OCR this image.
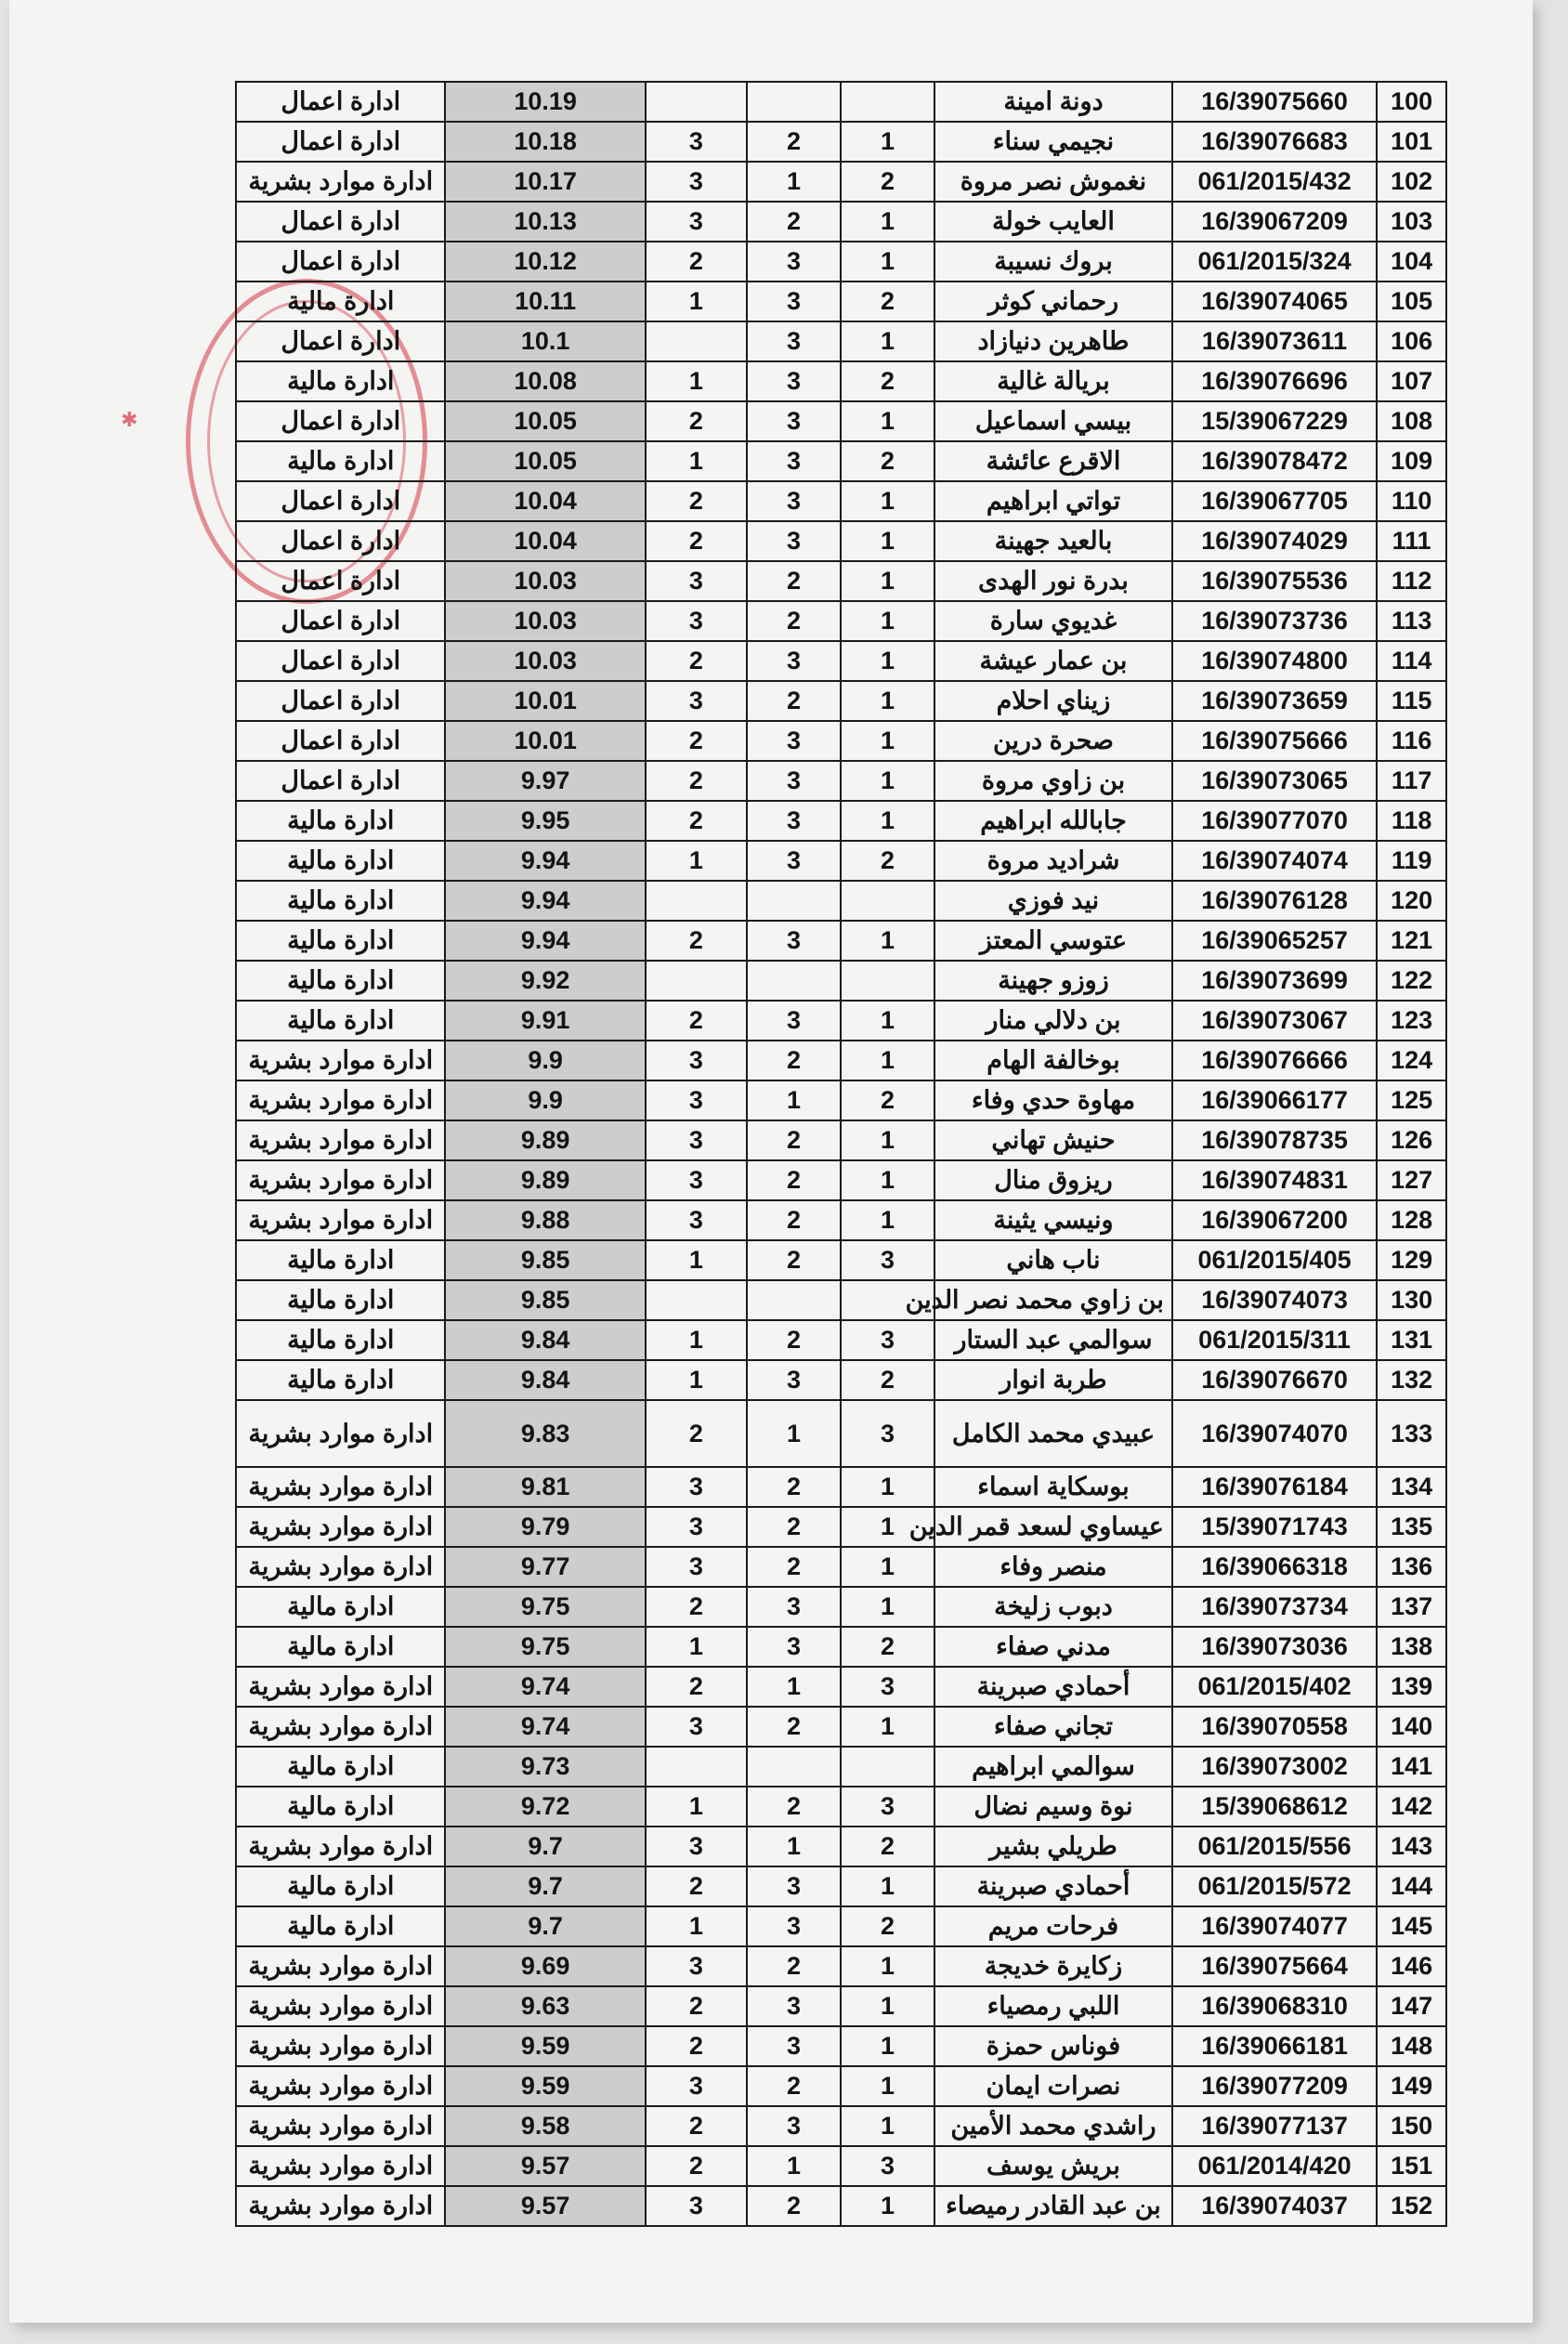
✱
100	16/39075660	دونة امينة				10.19	ادارة اعمال
101	16/39076683	نجيمي سناء	1	2	3	10.18	ادارة اعمال
102	061/2015/432	نغموش نصر مروة	2	1	3	10.17	ادارة موارد بشرية
103	16/39067209	العايب خولة	1	2	3	10.13	ادارة اعمال
104	061/2015/324	بروك نسيبة	1	3	2	10.12	ادارة اعمال
105	16/39074065	رحماني كوثر	2	3	1	10.11	ادارة مالية
106	16/39073611	طاهرين دنيازاد	1	3		10.1	ادارة اعمال
107	16/39076696	بريالة غالية	2	3	1	10.08	ادارة مالية
108	15/39067229	بيسي اسماعيل	1	3	2	10.05	ادارة اعمال
109	16/39078472	الاقرع عائشة	2	3	1	10.05	ادارة مالية
110	16/39067705	تواتي ابراهيم	1	3	2	10.04	ادارة اعمال
111	16/39074029	بالعيد جهينة	1	3	2	10.04	ادارة اعمال
112	16/39075536	بدرة نور الهدى	1	2	3	10.03	ادارة اعمال
113	16/39073736	غديوي سارة	1	2	3	10.03	ادارة اعمال
114	16/39074800	بن عمار عيشة	1	3	2	10.03	ادارة اعمال
115	16/39073659	زيناي احلام	1	2	3	10.01	ادارة اعمال
116	16/39075666	صحرة درين	1	3	2	10.01	ادارة اعمال
117	16/39073065	بن زاوي مروة	1	3	2	9.97	ادارة اعمال
118	16/39077070	جابالله ابراهيم	1	3	2	9.95	ادارة مالية
119	16/39074074	شراديد مروة	2	3	1	9.94	ادارة مالية
120	16/39076128	نيد فوزي				9.94	ادارة مالية
121	16/39065257	عتوسي المعتز	1	3	2	9.94	ادارة مالية
122	16/39073699	زوزو جهينة				9.92	ادارة مالية
123	16/39073067	بن دلالي منار	1	3	2	9.91	ادارة مالية
124	16/39076666	بوخالفة الهام	1	2	3	9.9	ادارة موارد بشرية
125	16/39066177	مهاوة حدي وفاء	2	1	3	9.9	ادارة موارد بشرية
126	16/39078735	حنيش تهاني	1	2	3	9.89	ادارة موارد بشرية
127	16/39074831	ريزوق منال	1	2	3	9.89	ادارة موارد بشرية
128	16/39067200	ونيسي يثينة	1	2	3	9.88	ادارة موارد بشرية
129	061/2015/405	ناب هاني	3	2	1	9.85	ادارة مالية
130	16/39074073	بن زاوي محمد نصر الدين				9.85	ادارة مالية
131	061/2015/311	سوالمي عبد الستار	3	2	1	9.84	ادارة مالية
132	16/39076670	طربة انوار	2	3	1	9.84	ادارة مالية
133	16/39074070	عبيدي محمد الكامل	3	1	2	9.83	ادارة موارد بشرية
134	16/39076184	بوسكاية اسماء	1	2	3	9.81	ادارة موارد بشرية
135	15/39071743	عيساوي لسعد قمر الدين	1	2	3	9.79	ادارة موارد بشرية
136	16/39066318	منصر وفاء	1	2	3	9.77	ادارة موارد بشرية
137	16/39073734	دبوب زليخة	1	3	2	9.75	ادارة مالية
138	16/39073036	مدني صفاء	2	3	1	9.75	ادارة مالية
139	061/2015/402	أحمادي صبرينة	3	1	2	9.74	ادارة موارد بشرية
140	16/39070558	تجاني صفاء	1	2	3	9.74	ادارة موارد بشرية
141	16/39073002	سوالمي ابراهيم				9.73	ادارة مالية
142	15/39068612	نوة وسيم نضال	3	2	1	9.72	ادارة مالية
143	061/2015/556	طريلي بشير	2	1	3	9.7	ادارة موارد بشرية
144	061/2015/572	أحمادي صبرينة	1	3	2	9.7	ادارة مالية
145	16/39074077	فرحات مريم	2	3	1	9.7	ادارة مالية
146	16/39075664	زكايرة خديجة	1	2	3	9.69	ادارة موارد بشرية
147	16/39068310	اللبي رمصياء	1	3	2	9.63	ادارة موارد بشرية
148	16/39066181	فوناس حمزة	1	3	2	9.59	ادارة موارد بشرية
149	16/39077209	نصرات ايمان	1	2	3	9.59	ادارة موارد بشرية
150	16/39077137	راشدي محمد الأمين	1	3	2	9.58	ادارة موارد بشرية
151	061/2014/420	بريش يوسف	3	1	2	9.57	ادارة موارد بشرية
152	16/39074037	بن عبد القادر رميصاء	1	2	3	9.57	ادارة موارد بشرية
